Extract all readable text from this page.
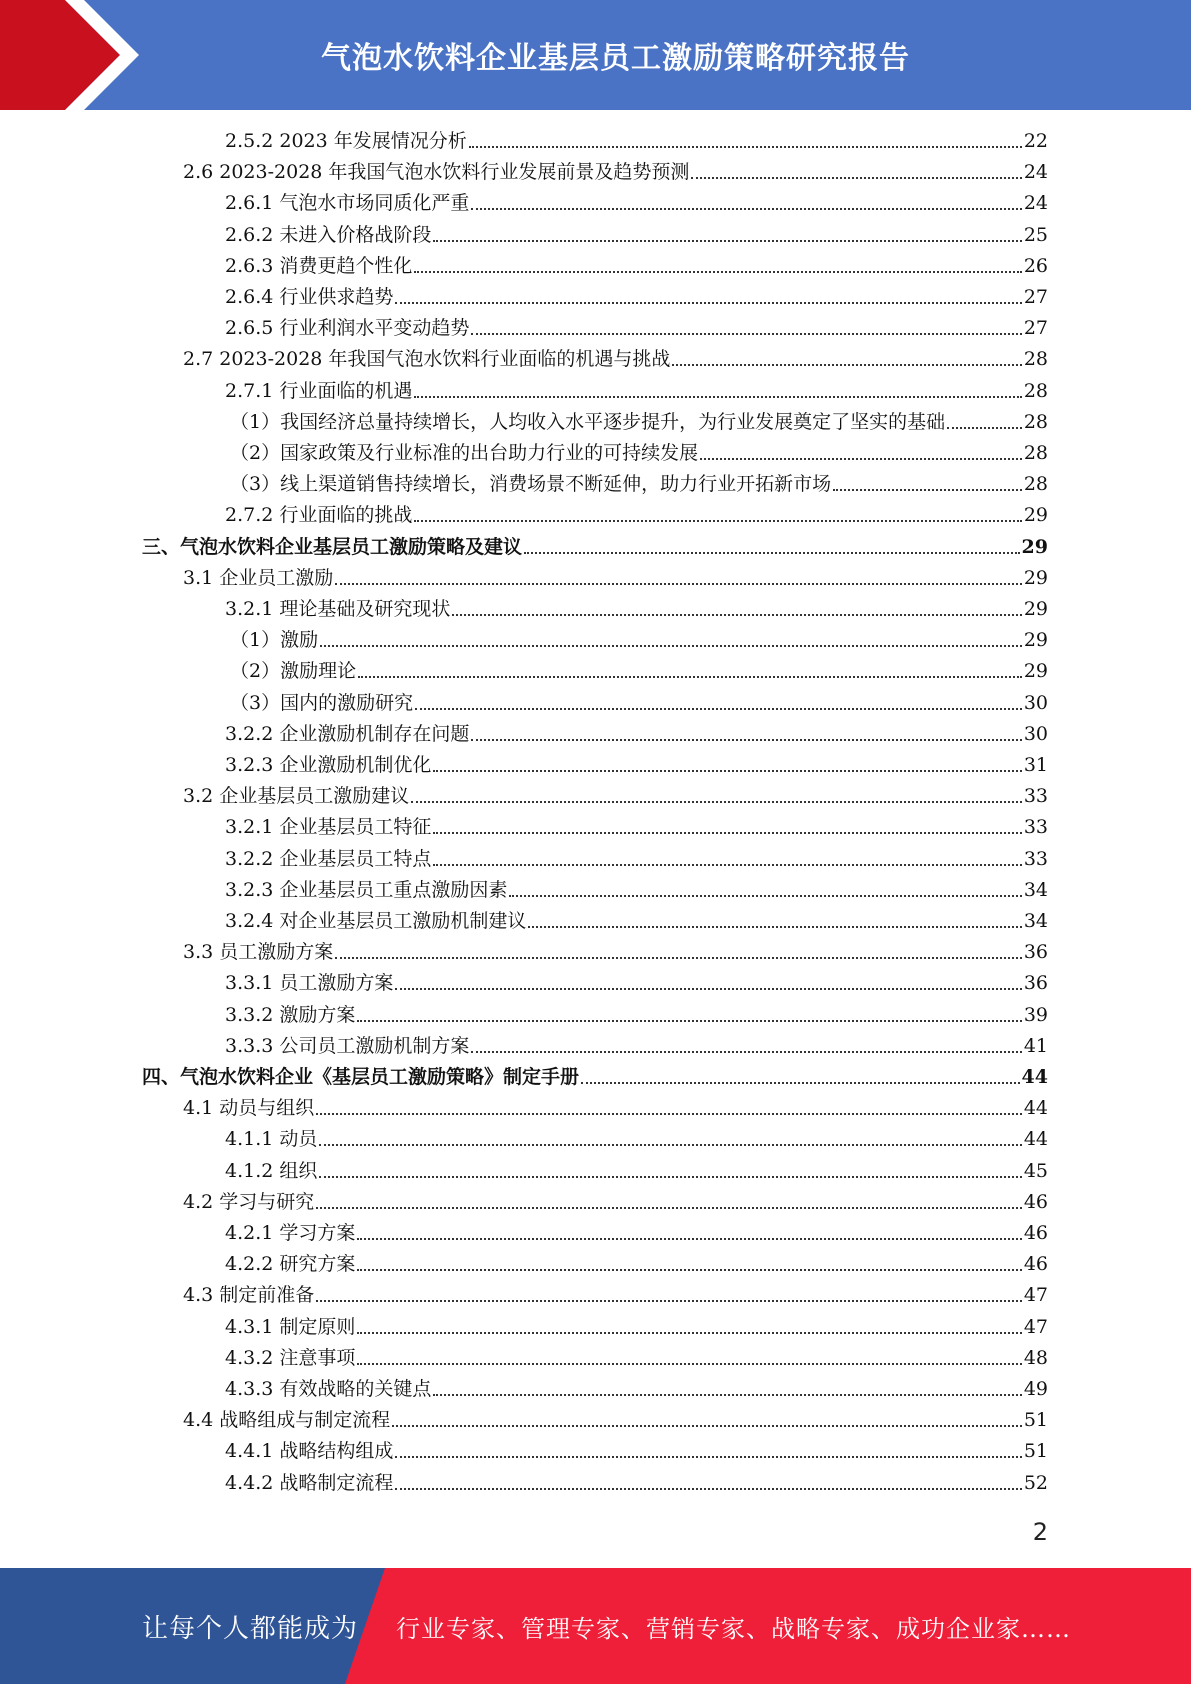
气泡水饮料企业基层员工激励策略研究报告
2.5.2 2023 年发展情况分析	22
2.6 2023-2028 年我国气泡水饮料行业发展前景及趋势预测	24
2.6.1 气泡水市场同质化严重	24
2.6.2 未进入价格战阶段	25
2.6.3 消费更趋个性化	26
2.6.4 行业供求趋势	27
2.6.5 行业利润水平变动趋势	27
2.7 2023-2028 年我国气泡水饮料行业面临的机遇与挑战	28
2.7.1 行业面临的机遇	28
（1）我国经济总量持续增长，人均收入水平逐步提升，为行业发展奠定了坚实的基础	28
（2）国家政策及行业标准的出台助力行业的可持续发展	28
（3）线上渠道销售持续增长，消费场景不断延伸，助力行业开拓新市场	28
2.7.2 行业面临的挑战	29
三、气泡水饮料企业基层员工激励策略及建议	29
3.1 企业员工激励	29
3.2.1 理论基础及研究现状	29
（1）激励	29
（2）激励理论	29
（3）国内的激励研究	30
3.2.2 企业激励机制存在问题	30
3.2.3 企业激励机制优化	31
3.2 企业基层员工激励建议	33
3.2.1 企业基层员工特征	33
3.2.2 企业基层员工特点	33
3.2.3 企业基层员工重点激励因素	34
3.2.4 对企业基层员工激励机制建议	34
3.3 员工激励方案	36
3.3.1 员工激励方案	36
3.3.2 激励方案	39
3.3.3 公司员工激励机制方案	41
四、气泡水饮料企业《基层员工激励策略》制定手册	44
4.1 动员与组织	44
4.1.1 动员	44
4.1.2 组织	45
4.2 学习与研究	46
4.2.1 学习方案	46
4.2.2 研究方案	46
4.3 制定前准备	47
4.3.1 制定原则	47
4.3.2 注意事项	48
4.3.3 有效战略的关键点	49
4.4 战略组成与制定流程	51
4.4.1 战略结构组成	51
4.4.2 战略制定流程	52
2
让每个人都能成为 行业专家、管理专家、营销专家、战略专家、成功企业家……
